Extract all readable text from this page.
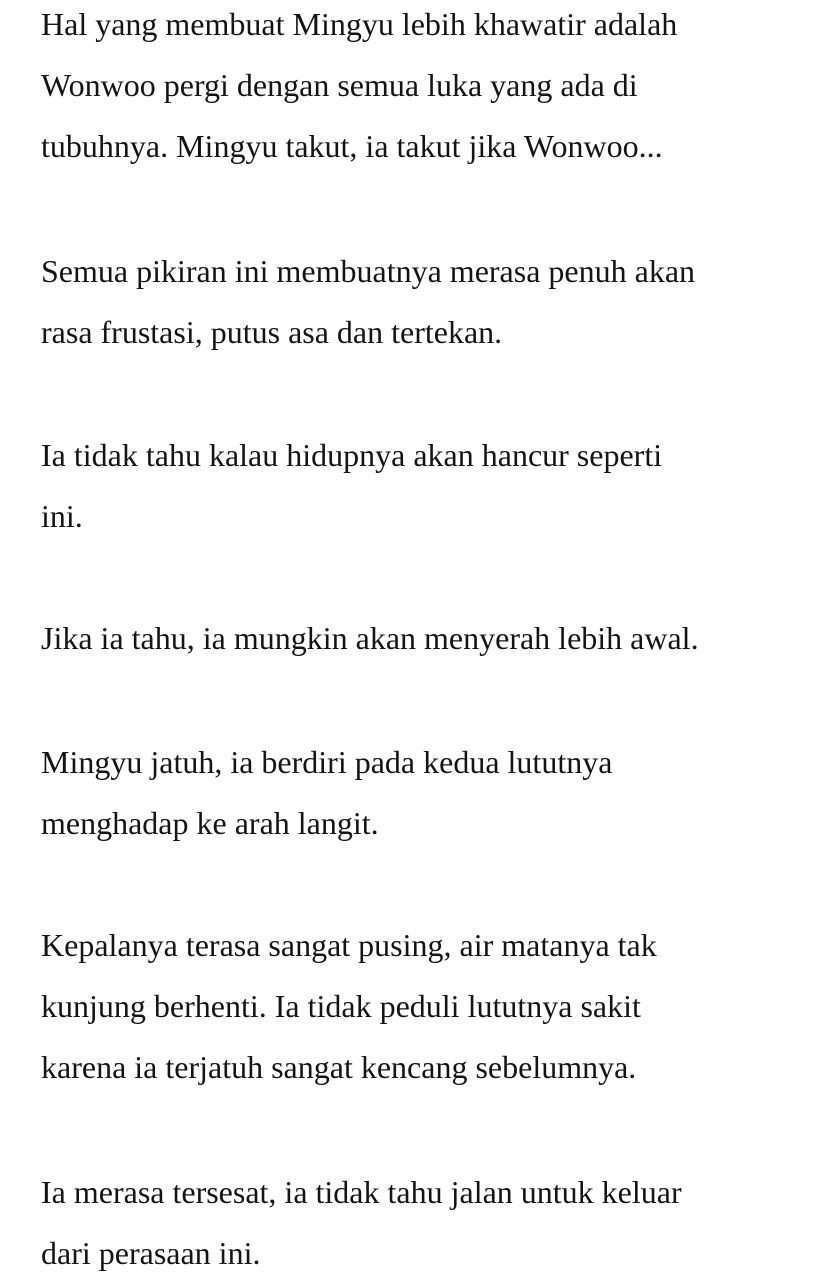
Hal yang membuat Mingyu lebih khawatir adalah
Wonwoo pergi dengan semua luka yang ada di
tubuhnya. Mingyu takut, ia takut jika Wonwoo...

Semua pikiran ini membuatnya merasa penuh akan
rasa frustasi, putus asa dan tertekan.

Ia tidak tahu kalau hidupnya akan hancur seperti
ini.

Jika ia tahu, ia mungkin akan menyerah lebih awal.

Mingyu jatuh, ia berdiri pada kedua lututnya
menghadap ke arah langit.

Kepalanya terasa sangat pusing, air matanya tak
kunjung berhenti. Ia tidak peduli lututnya sakit
karena ia terjatuh sangat kencang sebelumnya.

Ia merasa tersesat, ia tidak tahu jalan untuk keluar
dari perasaan ini.
